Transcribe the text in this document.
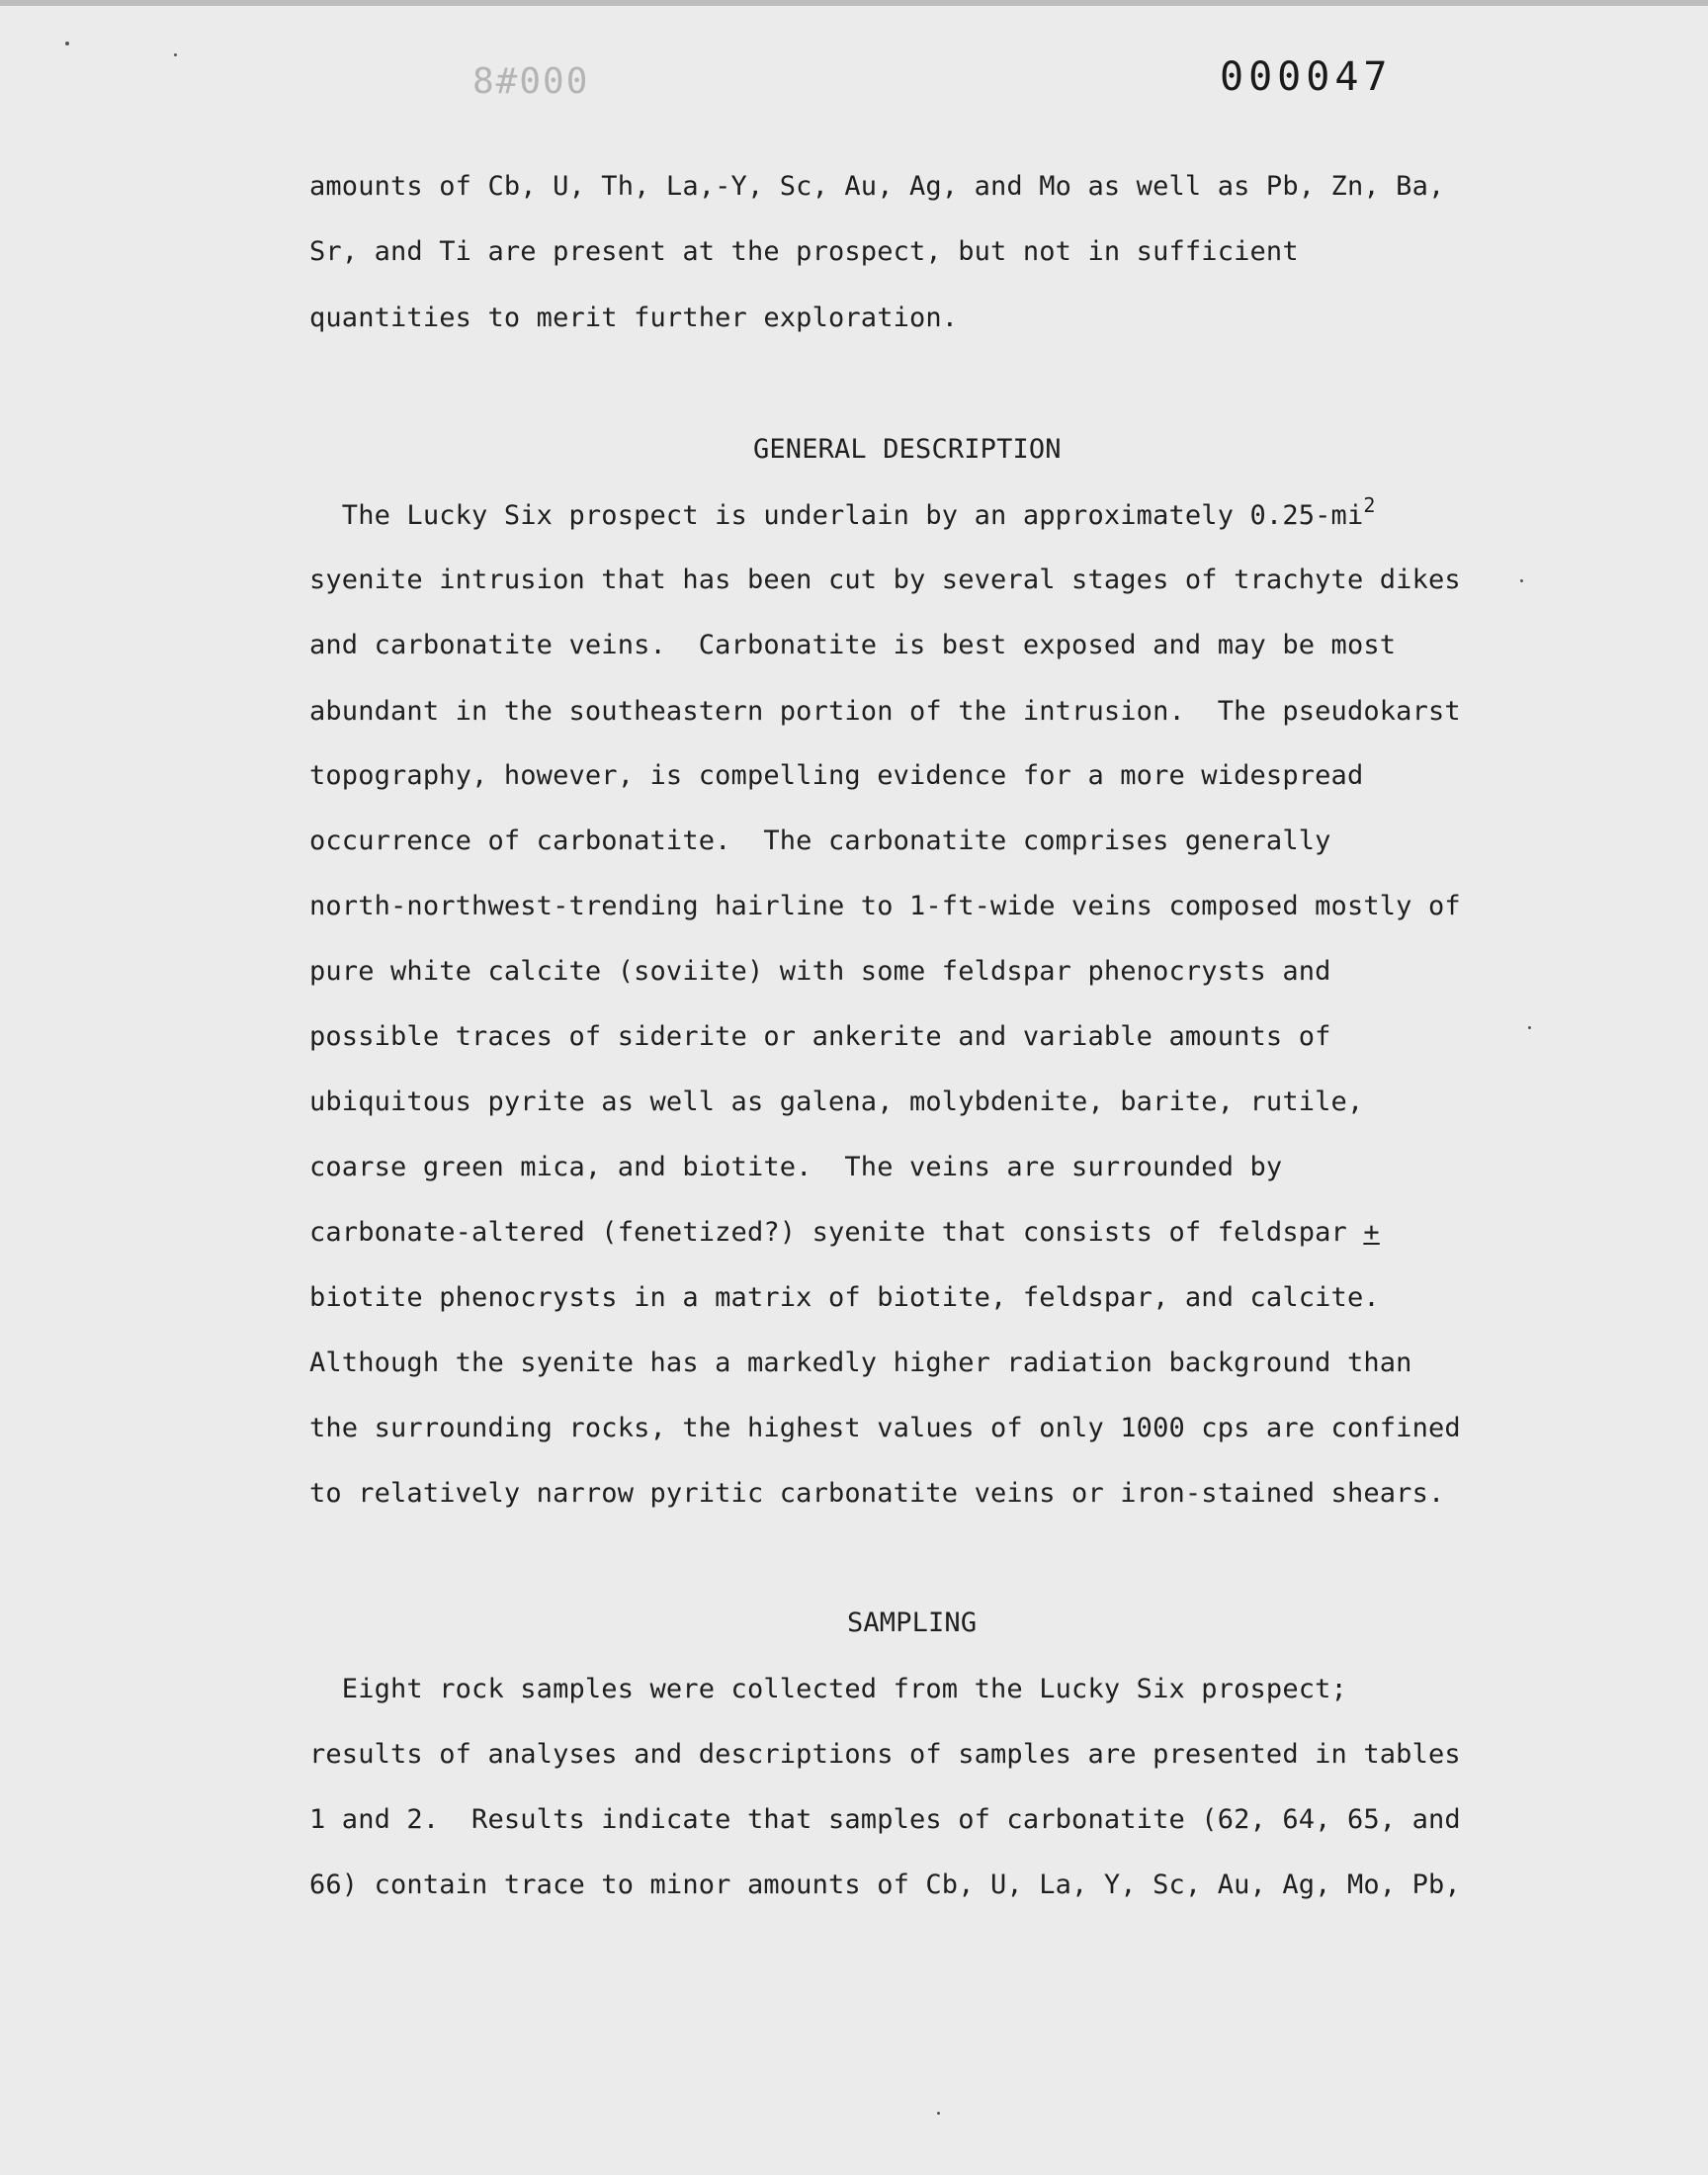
8#000	000047
amounts of Cb, U, Th, La,-Y, Sc, Au, Ag, and Mo as well as Pb, Zn, Ba,
Sr, and Ti are present at the prospect, but not in sufficient
quantities to merit further exploration.
GENERAL DESCRIPTION
The Lucky Six prospect is underlain by an approximately $0.25-mi^2$
syenite intrusion that has been cut by several stages of trachyte dikes
and carbonatite veins.  Carbonatite is best exposed and may be most
abundant in the southeastern portion of the intrusion.  The pseudokarst
topography, however, is compelling evidence for a more widespread
occurrence of carbonatite.  The carbonatite comprises generally
north-northwest-trending hairline to 1-ft-wide veins composed mostly of
pure white calcite (soviite) with some feldspar phenocrysts and
possible traces of siderite or ankerite and variable amounts of
ubiquitous pyrite as well as galena, molybdenite, barite, rutile,
coarse green mica, and biotite.  The veins are surrounded by
carbonate-altered (fenetized?) syenite that consists of feldspar +
biotite phenocrysts in a matrix of biotite, feldspar, and calcite.
Although the syenite has a markedly higher radiation background than
the surrounding rocks, the highest values of only 1000 cps are confined
to relatively narrow pyritic carbonatite veins or iron-stained shears.
SAMPLING
Eight rock samples were collected from the Lucky Six prospect;
results of analyses and descriptions of samples are presented in tables
1 and 2.  Results indicate that samples of carbonatite (62, 64, 65, and
66) contain trace to minor amounts of Cb, U, La, Y, Sc, Au, Ag, Mo, Pb,
